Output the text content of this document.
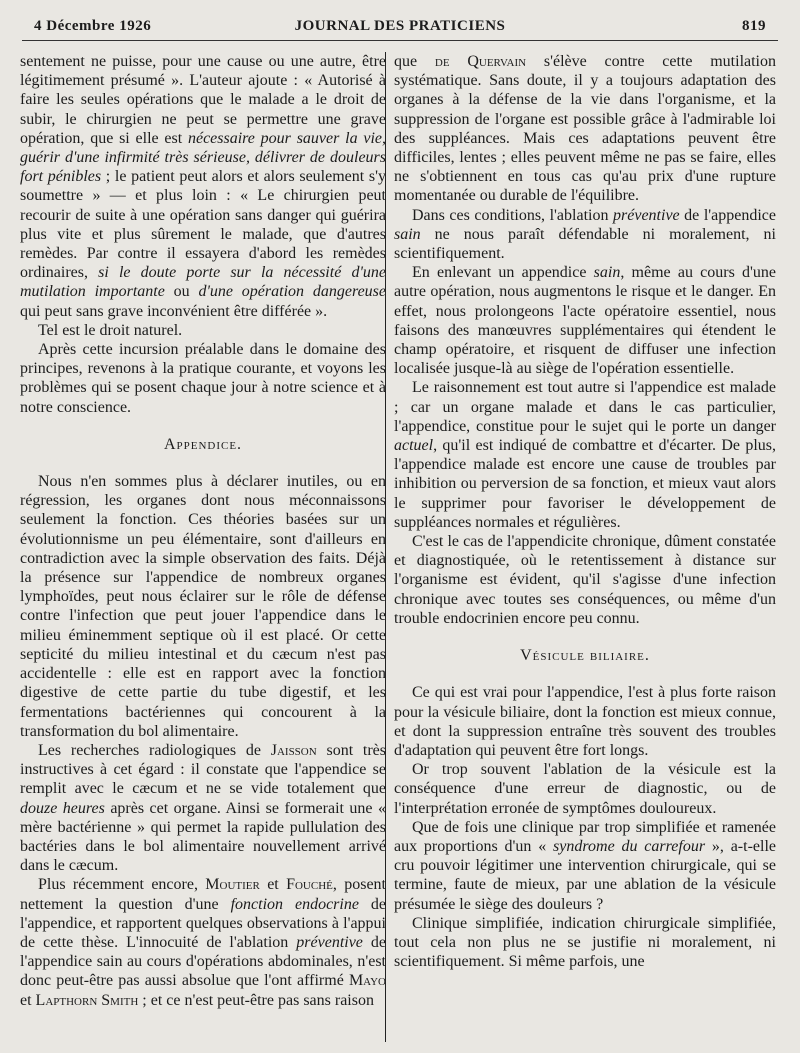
4 Décembre 1926	JOURNAL DES PRATICIENS	819

sentement ne puisse, pour une cause ou une autre, être légitimement présumé ». L'auteur ajoute : « Autorisé à faire les seules opérations que le malade a le droit de subir, le chirurgien ne peut se permettre une grave opération, que si elle est nécessaire pour sauver la vie, guérir d'une infirmité très sérieuse, délivrer de douleurs fort pénibles ; le patient peut alors et alors seulement s'y soumettre » — et plus loin : « Le chirurgien peut recourir de suite à une opération sans danger qui guérira plus vite et plus sûrement le malade, que d'autres remèdes. Par contre il essayera d'abord les remèdes ordinaires, si le doute porte sur la nécessité d'une mutilation importante ou d'une opération dangereuse qui peut sans grave inconvénient être différée ».

Tel est le droit naturel.

Après cette incursion préalable dans le domaine des principes, revenons à la pratique courante, et voyons les problèmes qui se posent chaque jour à notre science et à notre conscience.

Appendice.

Nous n'en sommes plus à déclarer inutiles, ou en régression, les organes dont nous méconnaissons seulement la fonction. Ces théories basées sur un évolutionnisme un peu élémentaire, sont d'ailleurs en contradiction avec la simple observation des faits. Déjà la présence sur l'appendice de nombreux organes lymphoïdes, peut nous éclairer sur le rôle de défense contre l'infection que peut jouer l'appendice dans le milieu éminemment septique où il est placé. Or cette septicité du milieu intestinal et du cæcum n'est pas accidentelle : elle est en rapport avec la fonction digestive de cette partie du tube digestif, et les fermentations bactériennes qui concourent à la transformation du bol alimentaire.

Les recherches radiologiques de Jaisson sont très instructives à cet égard : il constate que l'appendice se remplit avec le cæcum et ne se vide totalement que douze heures après cet organe. Ainsi se formerait une « mère bactérienne » qui permet la rapide pullulation des bactéries dans le bol alimentaire nouvellement arrivé dans le cæcum.

Plus récemment encore, Moutier et Fouché, posent nettement la question d'une fonction endocrine de l'appendice, et rapportent quelques observations à l'appui de cette thèse. L'innocuité de l'ablation préventive de l'appendice sain au cours d'opérations abdominales, n'est donc peut-être pas aussi absolue que l'ont affirmé Mayo et Lapthorn Smith ; et ce n'est peut-être pas sans raison

que de Quervain s'élève contre cette mutilation systématique. Sans doute, il y a toujours adaptation des organes à la défense de la vie dans l'organisme, et la suppression de l'organe est possible grâce à l'admirable loi des suppléances. Mais ces adaptations peuvent être difficiles, lentes ; elles peuvent même ne pas se faire, elles ne s'obtiennent en tous cas qu'au prix d'une rupture momentanée ou durable de l'équilibre.

Dans ces conditions, l'ablation préventive de l'appendice sain ne nous paraît défendable ni moralement, ni scientifiquement.

En enlevant un appendice sain, même au cours d'une autre opération, nous augmentons le risque et le danger. En effet, nous prolongeons l'acte opératoire essentiel, nous faisons des manœuvres supplémentaires qui étendent le champ opératoire, et risquent de diffuser une infection localisée jusque-là au siège de l'opération essentielle.

Le raisonnement est tout autre si l'appendice est malade ; car un organe malade et dans le cas particulier, l'appendice, constitue pour le sujet qui le porte un danger actuel, qu'il est indiqué de combattre et d'écarter. De plus, l'appendice malade est encore une cause de troubles par inhibition ou perversion de sa fonction, et mieux vaut alors le supprimer pour favoriser le développement de suppléances normales et régulières.

C'est le cas de l'appendicite chronique, dûment constatée et diagnostiquée, où le retentissement à distance sur l'organisme est évident, qu'il s'agisse d'une infection chronique avec toutes ses conséquences, ou même d'un trouble endocrinien encore peu connu.

Vésicule biliaire.

Ce qui est vrai pour l'appendice, l'est à plus forte raison pour la vésicule biliaire, dont la fonction est mieux connue, et dont la suppression entraîne très souvent des troubles d'adaptation qui peuvent être fort longs.

Or trop souvent l'ablation de la vésicule est la conséquence d'une erreur de diagnostic, ou de l'interprétation erronée de symptômes douloureux.

Que de fois une clinique par trop simplifiée et ramenée aux proportions d'un « syndrome du carrefour », a-t-elle cru pouvoir légitimer une intervention chirurgicale, qui se termine, faute de mieux, par une ablation de la vésicule présumée le siège des douleurs ?

Clinique simplifiée, indication chirurgicale simplifiée, tout cela non plus ne se justifie ni moralement, ni scientifiquement. Si même parfois, une
